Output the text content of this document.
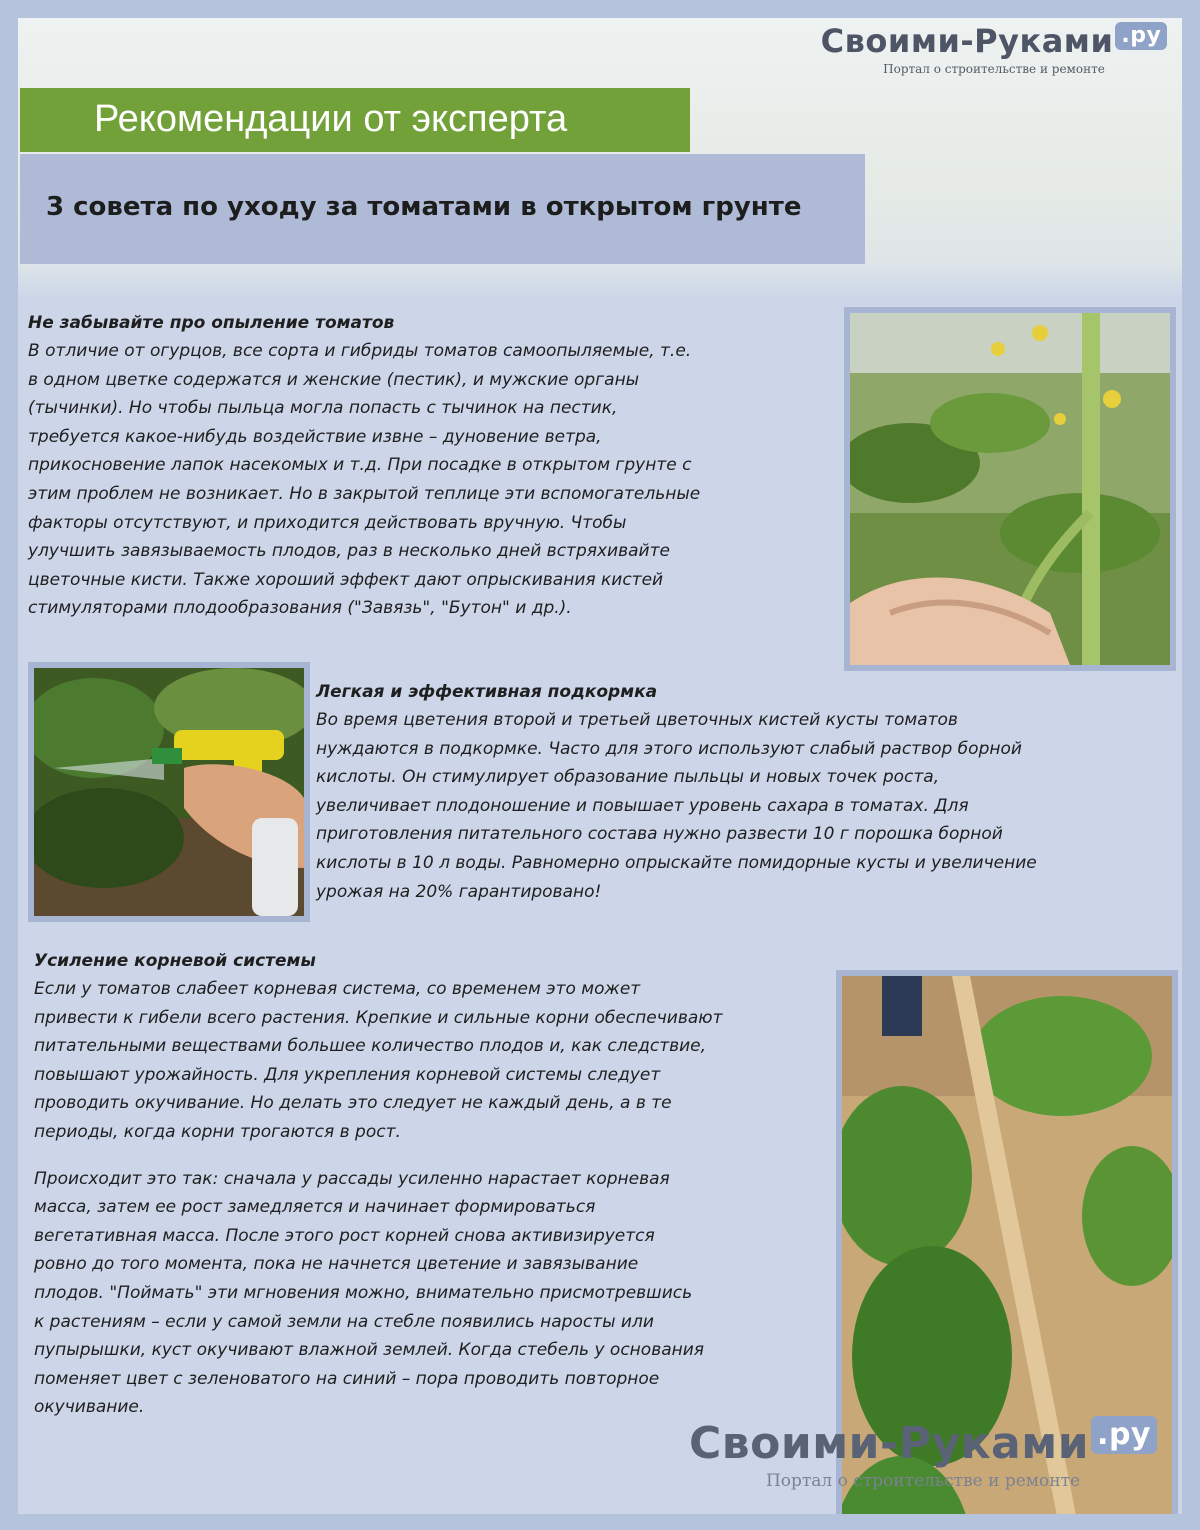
Своими-Руками .ру
Портал о строительстве и ремонте
Рекомендации от эксперта
3 совета по уходу за томатами в открытом грунте
Не забывайте про опыление томатов

В отличие от огурцов, все сорта и гибриды томатов самоопыляемые, т.е.
в одном цветке содержатся и женские (пестик), и мужские органы
(тычинки). Но чтобы пыльца могла попасть с тычинок на пестик,
требуется какое-нибудь воздействие извне – дуновение ветра,
прикосновение лапок насекомых и т.д. При посадке в открытом грунте с
этим проблем не возникает. Но в закрытой теплице эти вспомогательные
факторы отсутствуют, и приходится действовать вручную. Чтобы
улучшить завязываемость плодов, раз в несколько дней встряхивайте
цветочные кисти. Также хороший эффект дают опрыскивания кистей
стимуляторами плодообразования ("Завязь", "Бутон" и др.).

Легкая и эффективная подкормка

Во время цветения второй и третьей цветочных кистей кусты томатов
нуждаются в подкормке. Часто для этого используют слабый раствор борной
кислоты. Он стимулирует образование пыльцы и новых точек роста,
увеличивает плодоношение и повышает уровень сахара в томатах. Для
приготовления питательного состава нужно развести 10 г порошка борной
кислоты в 10 л воды. Равномерно опрыскайте помидорные кусты и увеличение
урожая на 20% гарантировано!

Усиление корневой системы

Если у томатов слабеет корневая система, со временем это может
привести к гибели всего растения. Крепкие и сильные корни обеспечивают
питательными веществами большее количество плодов и, как следствие,
повышают урожайность. Для укрепления корневой системы следует
проводить окучивание. Но делать это следует не каждый день, а в те
периоды, когда корни трогаются в рост.

Происходит это так: сначала у рассады усиленно нарастает корневая
масса, затем ее рост замедляется и начинает формироваться
вегетативная масса. После этого рост корней снова активизируется
ровно до того момента, пока не начнется цветение и завязывание
плодов. "Поймать" эти мгновения можно, внимательно присмотревшись
к растениям – если у самой земли на стебле появились наросты или
пупырышки, куст окучивают влажной землей. Когда стебель у основания
поменяет цвет с зеленоватого на синий – пора проводить повторное
окучивание.

Своими-Руками .ру
Портал о строительстве и ремонте
